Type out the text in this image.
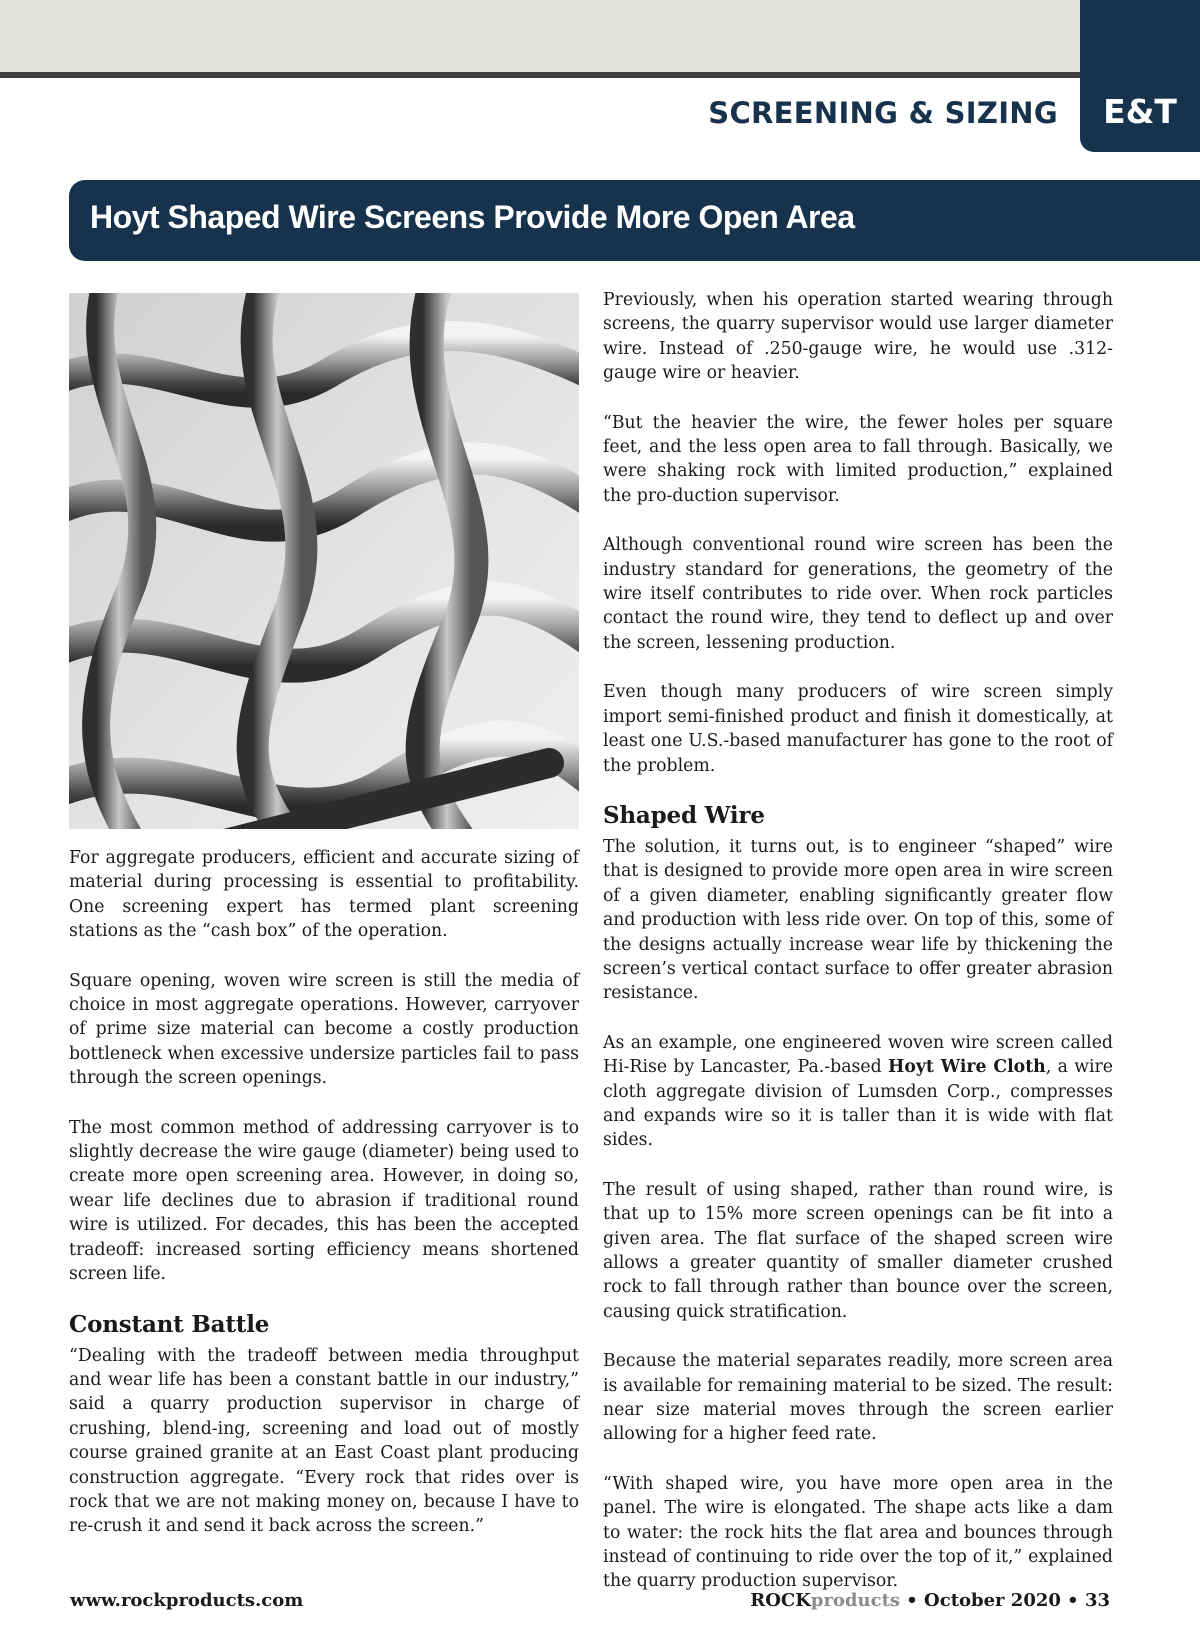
E&T
SCREENING & SIZING
Hoyt Shaped Wire Screens Provide More Open Area

For aggregate producers, efficient and accurate sizing of material during processing is essential to profitability. One screening expert has termed plant screening stations as the “cash box” of the operation.

Square opening, woven wire screen is still the media of choice in most aggregate operations. However, carryover of prime size material can become a costly production bottleneck when excessive undersize particles fail to pass through the screen openings.

The most common method of addressing carryover is to slightly decrease the wire gauge (diameter) being used to create more open screening area. However, in doing so, wear life declines due to abrasion if traditional round wire is utilized. For decades, this has been the accepted tradeoff: increased sorting efficiency means shortened screen life.

Constant Battle

“Dealing with the tradeoff between media throughput and wear life has been a constant battle in our industry,” said a quarry production supervisor in charge of crushing, blend-ing, screening and load out of mostly course grained granite at an East Coast plant producing construction aggregate. “Every rock that rides over is rock that we are not making money on, because I have to re-crush it and send it back across the screen.”

Previously, when his operation started wearing through screens, the quarry supervisor would use larger diameter wire. Instead of .250-gauge wire, he would use .312-gauge wire or heavier.

“But the heavier the wire, the fewer holes per square feet, and the less open area to fall through. Basically, we were shaking rock with limited production,” explained the pro-duction supervisor.

Although conventional round wire screen has been the industry standard for generations, the geometry of the wire itself contributes to ride over. When rock particles contact the round wire, they tend to deflect up and over the screen, lessening production.

Even though many producers of wire screen simply import semi-finished product and finish it domestically, at least one U.S.-based manufacturer has gone to the root of the problem.

Shaped Wire

The solution, it turns out, is to engineer “shaped” wire that is designed to provide more open area in wire screen of a given diameter, enabling significantly greater flow and production with less ride over. On top of this, some of the designs actually increase wear life by thickening the screen’s vertical contact surface to offer greater abrasion resistance.

As an example, one engineered woven wire screen called Hi-Rise by Lancaster, Pa.-based Hoyt Wire Cloth, a wire cloth aggregate division of Lumsden Corp., compresses and expands wire so it is taller than it is wide with flat sides.

The result of using shaped, rather than round wire, is that up to 15% more screen openings can be fit into a given area. The flat surface of the shaped screen wire allows a greater quantity of smaller diameter crushed rock to fall through rather than bounce over the screen, causing quick stratification.

Because the material separates readily, more screen area is available for remaining material to be sized. The result: near size material moves through the screen earlier allowing for a higher feed rate.

“With shaped wire, you have more open area in the panel. The wire is elongated. The shape acts like a dam to water: the rock hits the flat area and bounces through instead of continuing to ride over the top of it,” explained the quarry production supervisor.

www.rockproducts.com	ROCKproducts • October 2020 • 33
